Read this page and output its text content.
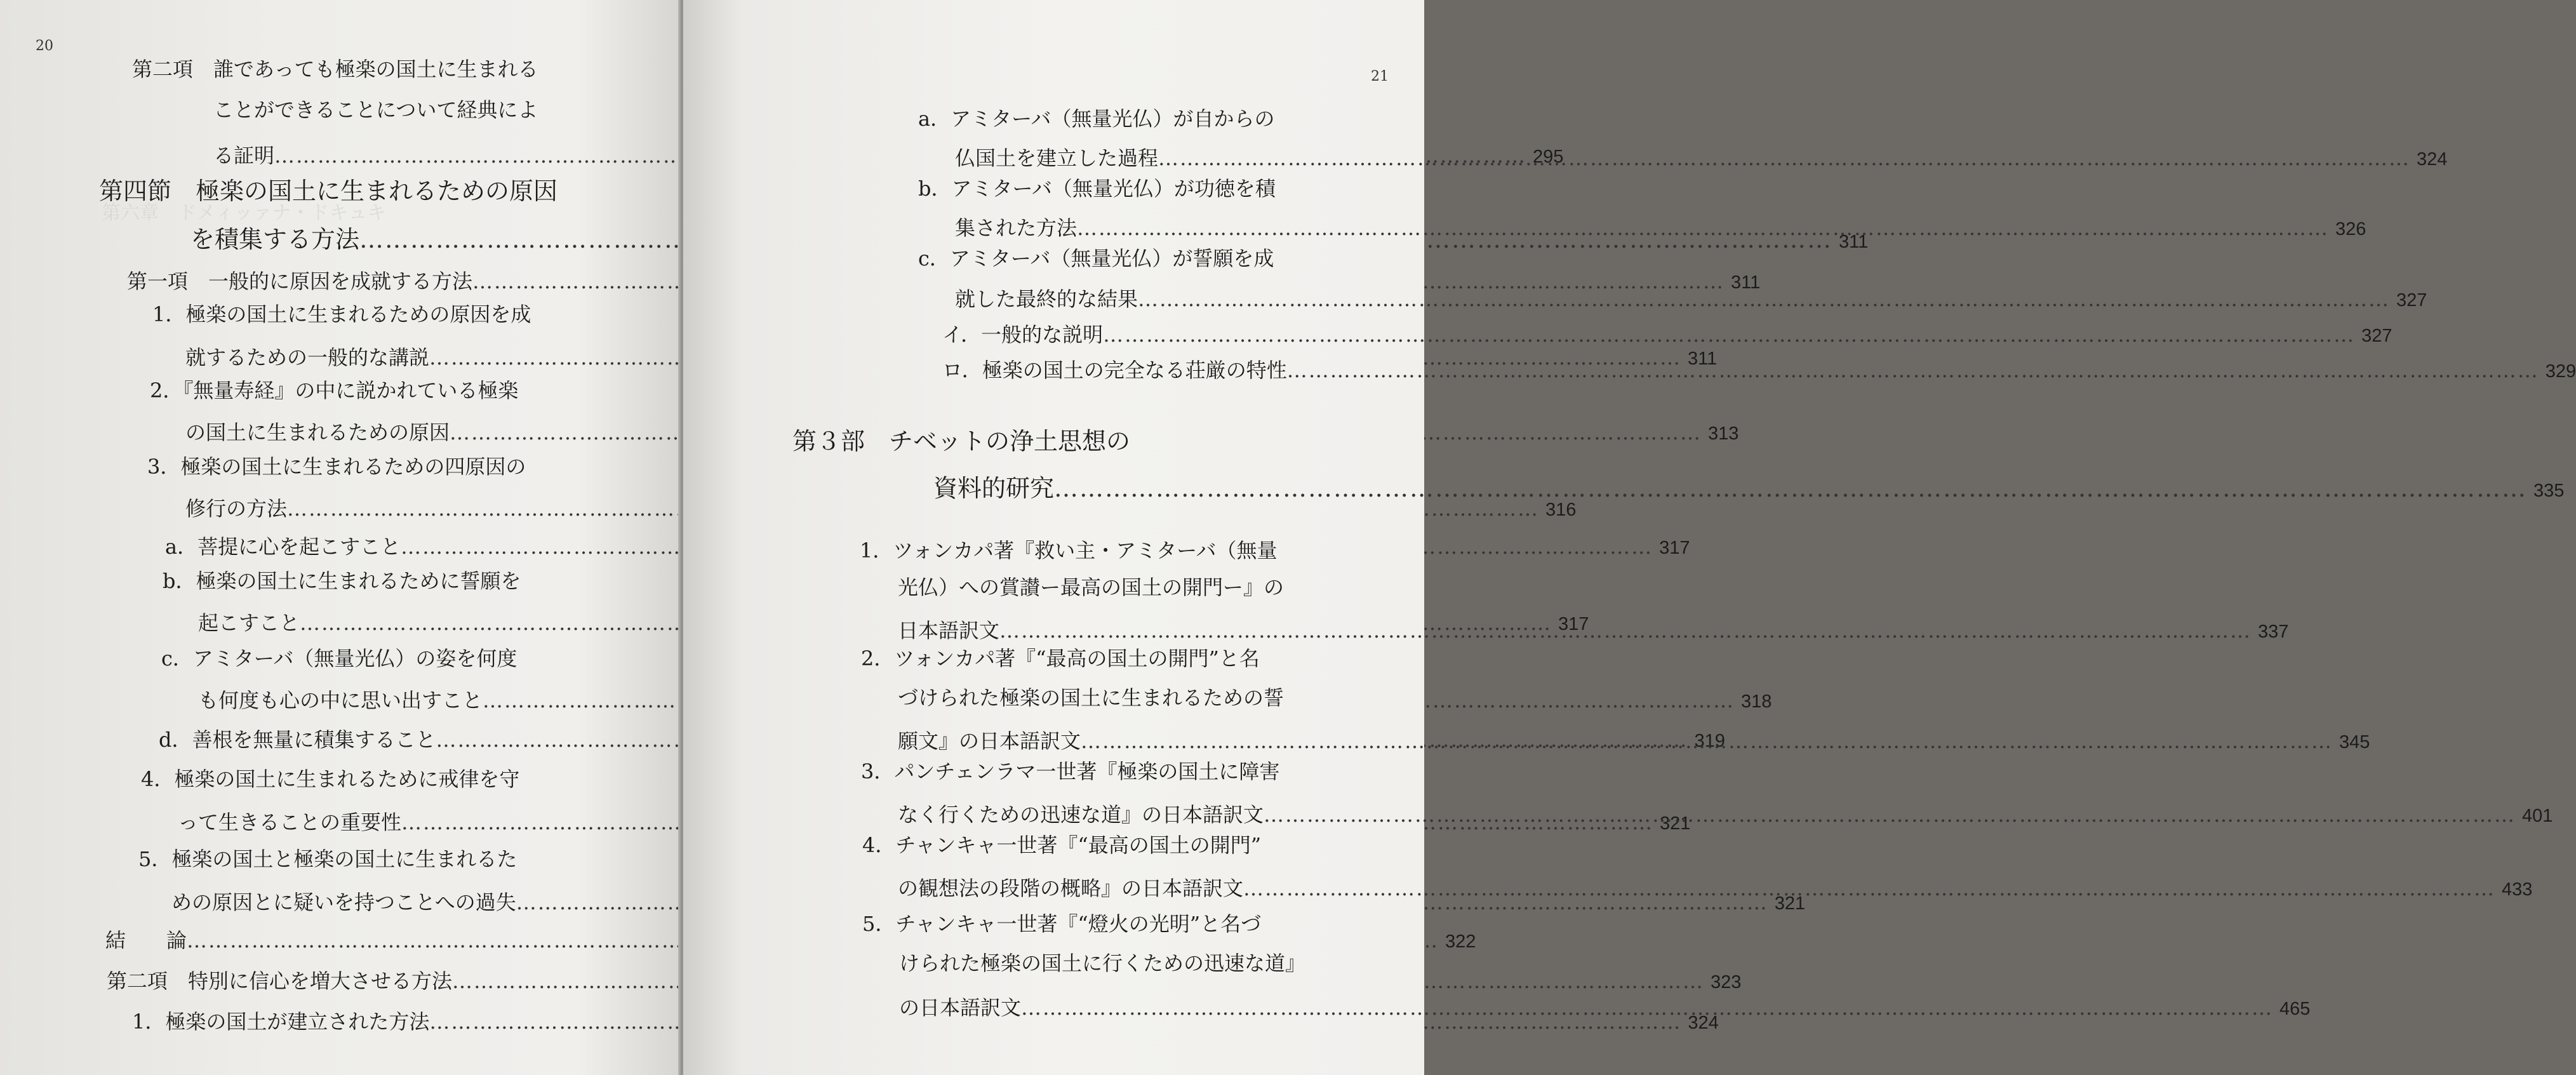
20
第六章　ドメィッァナ・ドキュキ
第二項　誰であっても極楽の国土に生まれる
ことができることについて経典によ
る証明 …………………………………………………………………………………………………………………………………………………………	295
第四節　極楽の国土に生まれるための原因
を積集する方法 …………………………………………………………………………………………………………………………………………………………	311
第一項　一般的に原因を成就する方法 …………………………………………………………………………………………………………………………………………………………	311
1．極楽の国土に生まれるための原因を成
就するための一般的な講説 …………………………………………………………………………………………………………………………………………………………	311
2．『無量寿経』の中に説かれている極楽
の国土に生まれるための原因 …………………………………………………………………………………………………………………………………………………………	313
3．極楽の国土に生まれるための四原因の
修行の方法 …………………………………………………………………………………………………………………………………………………………	316
a．菩提に心を起こすこと …………………………………………………………………………………………………………………………………………………………	317
b．極楽の国土に生まれるために誓願を
起こすこと …………………………………………………………………………………………………………………………………………………………	317
c．アミターバ（無量光仏）の姿を何度
も何度も心の中に思い出すこと …………………………………………………………………………………………………………………………………………………………	318
d．善根を無量に積集すること …………………………………………………………………………………………………………………………………………………………	319
4．極楽の国土に生まれるために戒律を守
って生きることの重要性 …………………………………………………………………………………………………………………………………………………………	321
5．極楽の国土と極楽の国土に生まれるた
めの原因とに疑いを持つことへの過失 …………………………………………………………………………………………………………………………………………………………	321
結　　論 …………………………………………………………………………………………………………………………………………………………	322
第二項　特別に信心を増大させる方法 …………………………………………………………………………………………………………………………………………………………	323
1．極楽の国土が建立された方法 …………………………………………………………………………………………………………………………………………………………	324
21
a．アミターバ（無量光仏）が自からの
仏国土を建立した過程 …………………………………………………………………………………………………………………………………………………………	324
b．アミターバ（無量光仏）が功徳を積
集された方法 …………………………………………………………………………………………………………………………………………………………	326
c．アミターバ（無量光仏）が誓願を成
就した最終的な結果 …………………………………………………………………………………………………………………………………………………………	327
イ．一般的な説明 …………………………………………………………………………………………………………………………………………………………	327
ロ．極楽の国土の完全なる荘厳の特性 …………………………………………………………………………………………………………………………………………………………	329
第３部　チベットの浄土思想の
資料的研究 …………………………………………………………………………………………………………………………………………………………	335
1．ツォンカパ著『救い主・アミターバ（無量
光仏）への賞讃ー最高の国土の開門ー』の
日本語訳文 …………………………………………………………………………………………………………………………………………………………	337
2．ツォンカパ著『“最高の国土の開門”と名
づけられた極楽の国土に生まれるための誓
願文』の日本語訳文 …………………………………………………………………………………………………………………………………………………………	345
3．パンチェンラマ一世著『極楽の国土に障害
なく行くための迅速な道』の日本語訳文 …………………………………………………………………………………………………………………………………………………………	401
4．チャンキャ一世著『“最高の国土の開門”
の観想法の段階の概略』の日本語訳文 …………………………………………………………………………………………………………………………………………………………	433
5．チャンキャ一世著『“燈火の光明”と名づ
けられた極楽の国土に行くための迅速な道』
の日本語訳文 …………………………………………………………………………………………………………………………………………………………	465
